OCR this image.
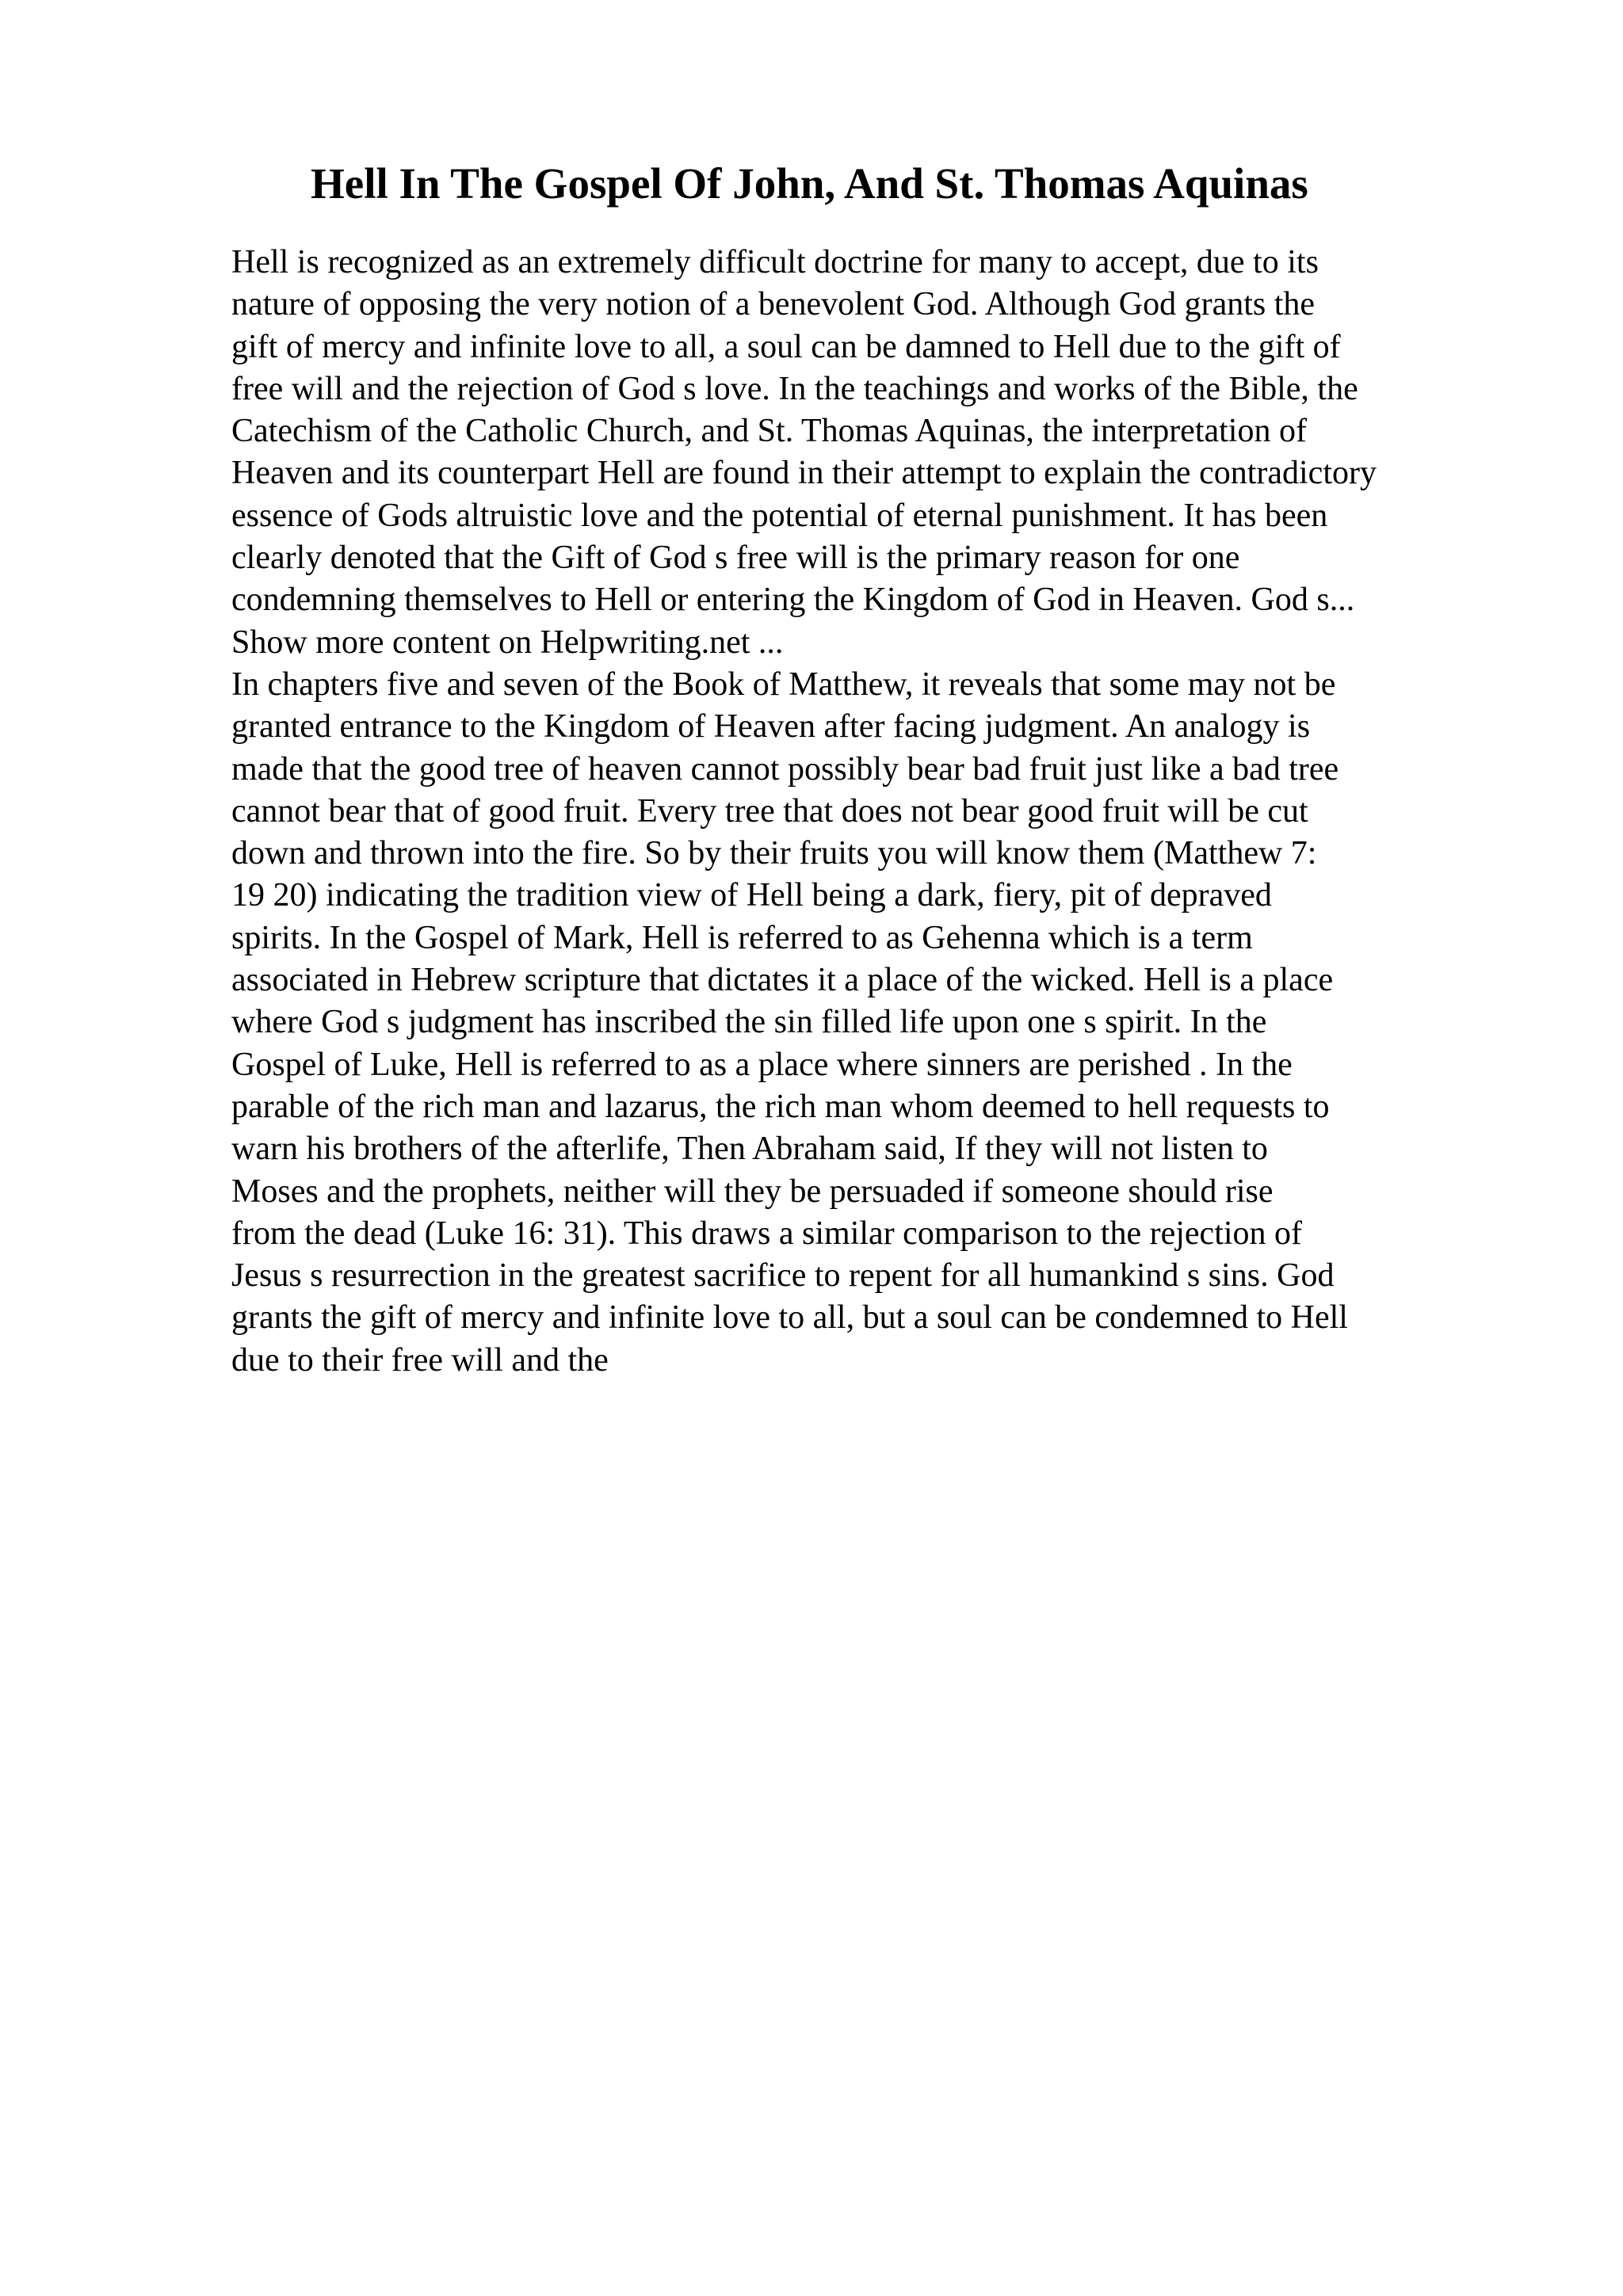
Hell In The Gospel Of John, And St. Thomas Aquinas
Hell is recognized as an extremely difficult doctrine for many to accept, due to its
nature of opposing the very notion of a benevolent God. Although God grants the
gift of mercy and infinite love to all, a soul can be damned to Hell due to the gift of
free will and the rejection of God s love. In the teachings and works of the Bible, the
Catechism of the Catholic Church, and St. Thomas Aquinas, the interpretation of
Heaven and its counterpart Hell are found in their attempt to explain the contradictory
essence of Gods altruistic love and the potential of eternal punishment. It has been
clearly denoted that the Gift of God s free will is the primary reason for one
condemning themselves to Hell or entering the Kingdom of God in Heaven. God s...
Show more content on Helpwriting.net ...
In chapters five and seven of the Book of Matthew, it reveals that some may not be
granted entrance to the Kingdom of Heaven after facing judgment. An analogy is
made that the good tree of heaven cannot possibly bear bad fruit just like a bad tree
cannot bear that of good fruit. Every tree that does not bear good fruit will be cut
down and thrown into the fire. So by their fruits you will know them (Matthew 7:
19 20) indicating the tradition view of Hell being a dark, fiery, pit of depraved
spirits. In the Gospel of Mark, Hell is referred to as Gehenna which is a term
associated in Hebrew scripture that dictates it a place of the wicked. Hell is a place
where God s judgment has inscribed the sin filled life upon one s spirit. In the
Gospel of Luke, Hell is referred to as a place where sinners are perished . In the
parable of the rich man and lazarus, the rich man whom deemed to hell requests to
warn his brothers of the afterlife, Then Abraham said, If they will not listen to
Moses and the prophets, neither will they be persuaded if someone should rise
from the dead (Luke 16: 31). This draws a similar comparison to the rejection of
Jesus s resurrection in the greatest sacrifice to repent for all humankind s sins. God
grants the gift of mercy and infinite love to all, but a soul can be condemned to Hell
due to their free will and the
